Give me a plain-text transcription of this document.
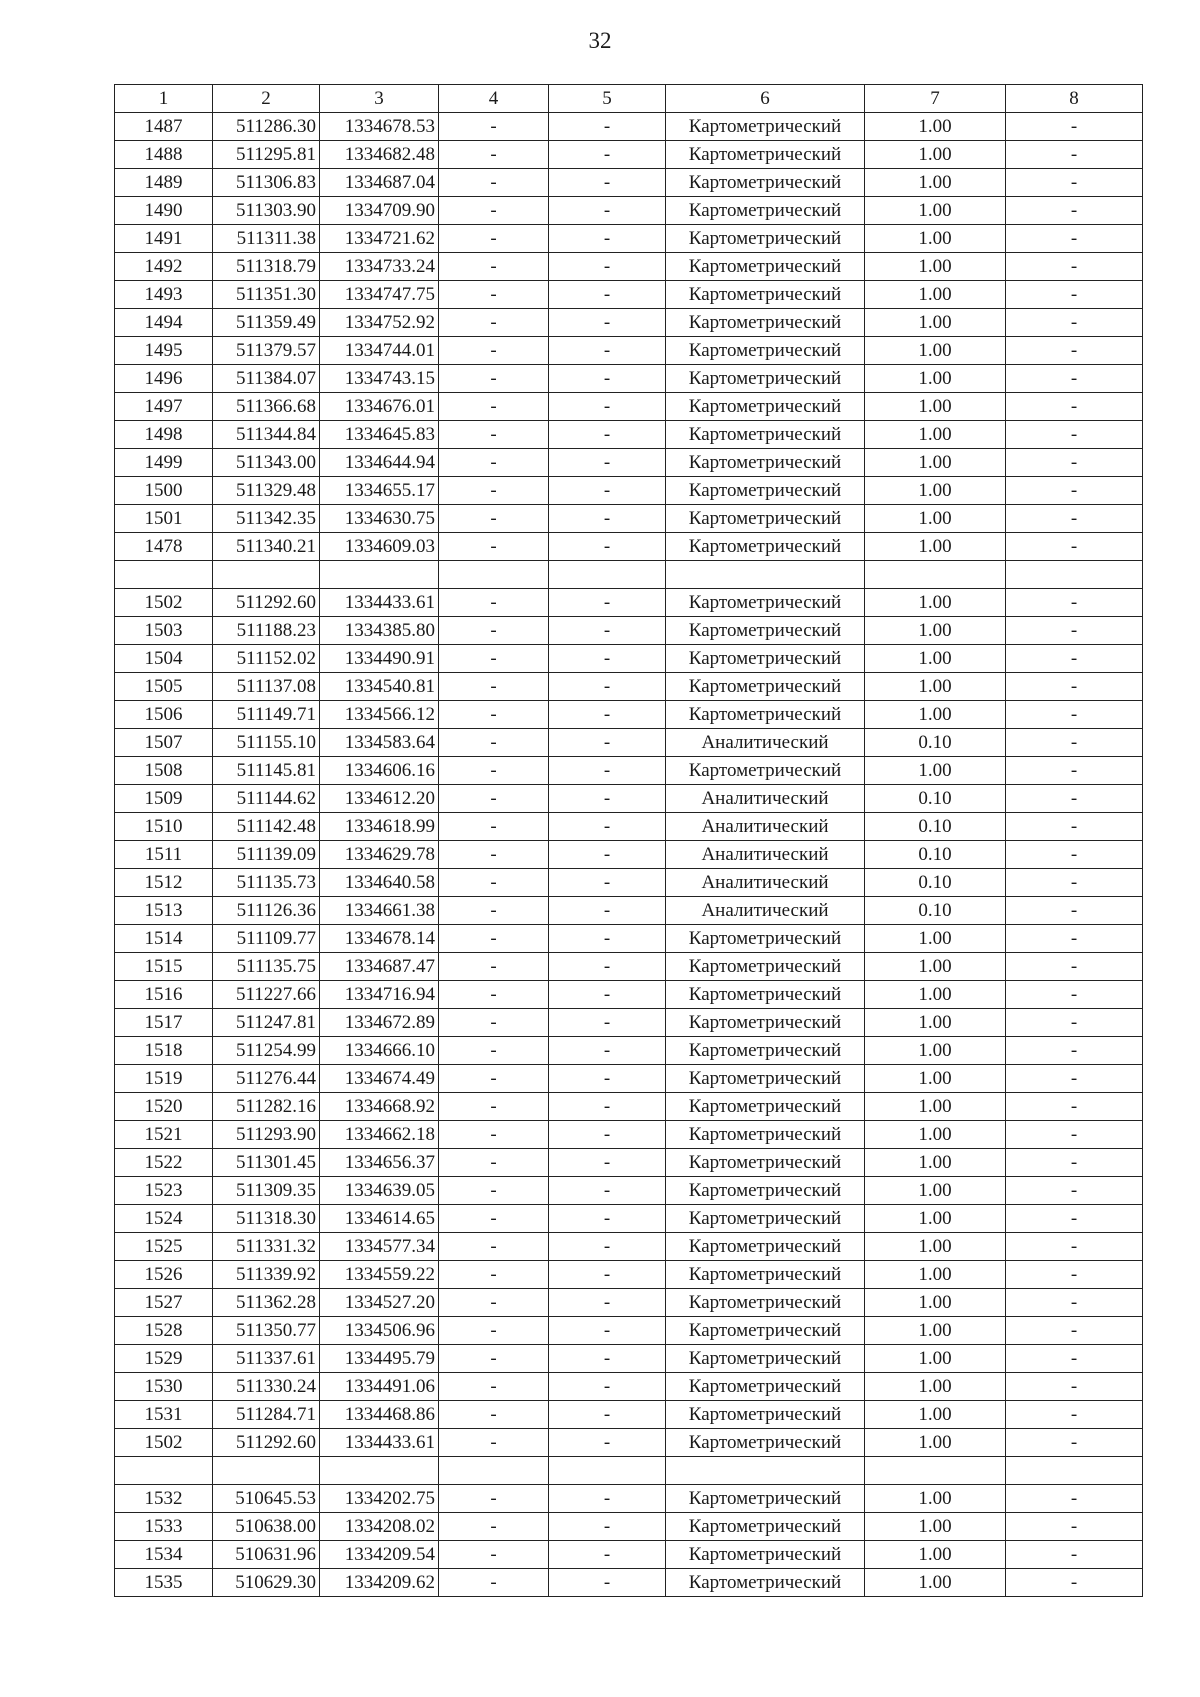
32
1	2	3	4	5	6	7	8
1487	511286.30	1334678.53	-	-	Картометрический	1.00	-
1488	511295.81	1334682.48	-	-	Картометрический	1.00	-
1489	511306.83	1334687.04	-	-	Картометрический	1.00	-
1490	511303.90	1334709.90	-	-	Картометрический	1.00	-
1491	511311.38	1334721.62	-	-	Картометрический	1.00	-
1492	511318.79	1334733.24	-	-	Картометрический	1.00	-
1493	511351.30	1334747.75	-	-	Картометрический	1.00	-
1494	511359.49	1334752.92	-	-	Картометрический	1.00	-
1495	511379.57	1334744.01	-	-	Картометрический	1.00	-
1496	511384.07	1334743.15	-	-	Картометрический	1.00	-
1497	511366.68	1334676.01	-	-	Картометрический	1.00	-
1498	511344.84	1334645.83	-	-	Картометрический	1.00	-
1499	511343.00	1334644.94	-	-	Картометрический	1.00	-
1500	511329.48	1334655.17	-	-	Картометрический	1.00	-
1501	511342.35	1334630.75	-	-	Картометрический	1.00	-
1478	511340.21	1334609.03	-	-	Картометрический	1.00	-

1502	511292.60	1334433.61	-	-	Картометрический	1.00	-
1503	511188.23	1334385.80	-	-	Картометрический	1.00	-
1504	511152.02	1334490.91	-	-	Картометрический	1.00	-
1505	511137.08	1334540.81	-	-	Картометрический	1.00	-
1506	511149.71	1334566.12	-	-	Картометрический	1.00	-
1507	511155.10	1334583.64	-	-	Аналитический	0.10	-
1508	511145.81	1334606.16	-	-	Картометрический	1.00	-
1509	511144.62	1334612.20	-	-	Аналитический	0.10	-
1510	511142.48	1334618.99	-	-	Аналитический	0.10	-
1511	511139.09	1334629.78	-	-	Аналитический	0.10	-
1512	511135.73	1334640.58	-	-	Аналитический	0.10	-
1513	511126.36	1334661.38	-	-	Аналитический	0.10	-
1514	511109.77	1334678.14	-	-	Картометрический	1.00	-
1515	511135.75	1334687.47	-	-	Картометрический	1.00	-
1516	511227.66	1334716.94	-	-	Картометрический	1.00	-
1517	511247.81	1334672.89	-	-	Картометрический	1.00	-
1518	511254.99	1334666.10	-	-	Картометрический	1.00	-
1519	511276.44	1334674.49	-	-	Картометрический	1.00	-
1520	511282.16	1334668.92	-	-	Картометрический	1.00	-
1521	511293.90	1334662.18	-	-	Картометрический	1.00	-
1522	511301.45	1334656.37	-	-	Картометрический	1.00	-
1523	511309.35	1334639.05	-	-	Картометрический	1.00	-
1524	511318.30	1334614.65	-	-	Картометрический	1.00	-
1525	511331.32	1334577.34	-	-	Картометрический	1.00	-
1526	511339.92	1334559.22	-	-	Картометрический	1.00	-
1527	511362.28	1334527.20	-	-	Картометрический	1.00	-
1528	511350.77	1334506.96	-	-	Картометрический	1.00	-
1529	511337.61	1334495.79	-	-	Картометрический	1.00	-
1530	511330.24	1334491.06	-	-	Картометрический	1.00	-
1531	511284.71	1334468.86	-	-	Картометрический	1.00	-
1502	511292.60	1334433.61	-	-	Картометрический	1.00	-

1532	510645.53	1334202.75	-	-	Картометрический	1.00	-
1533	510638.00	1334208.02	-	-	Картометрический	1.00	-
1534	510631.96	1334209.54	-	-	Картометрический	1.00	-
1535	510629.30	1334209.62	-	-	Картометрический	1.00	-
